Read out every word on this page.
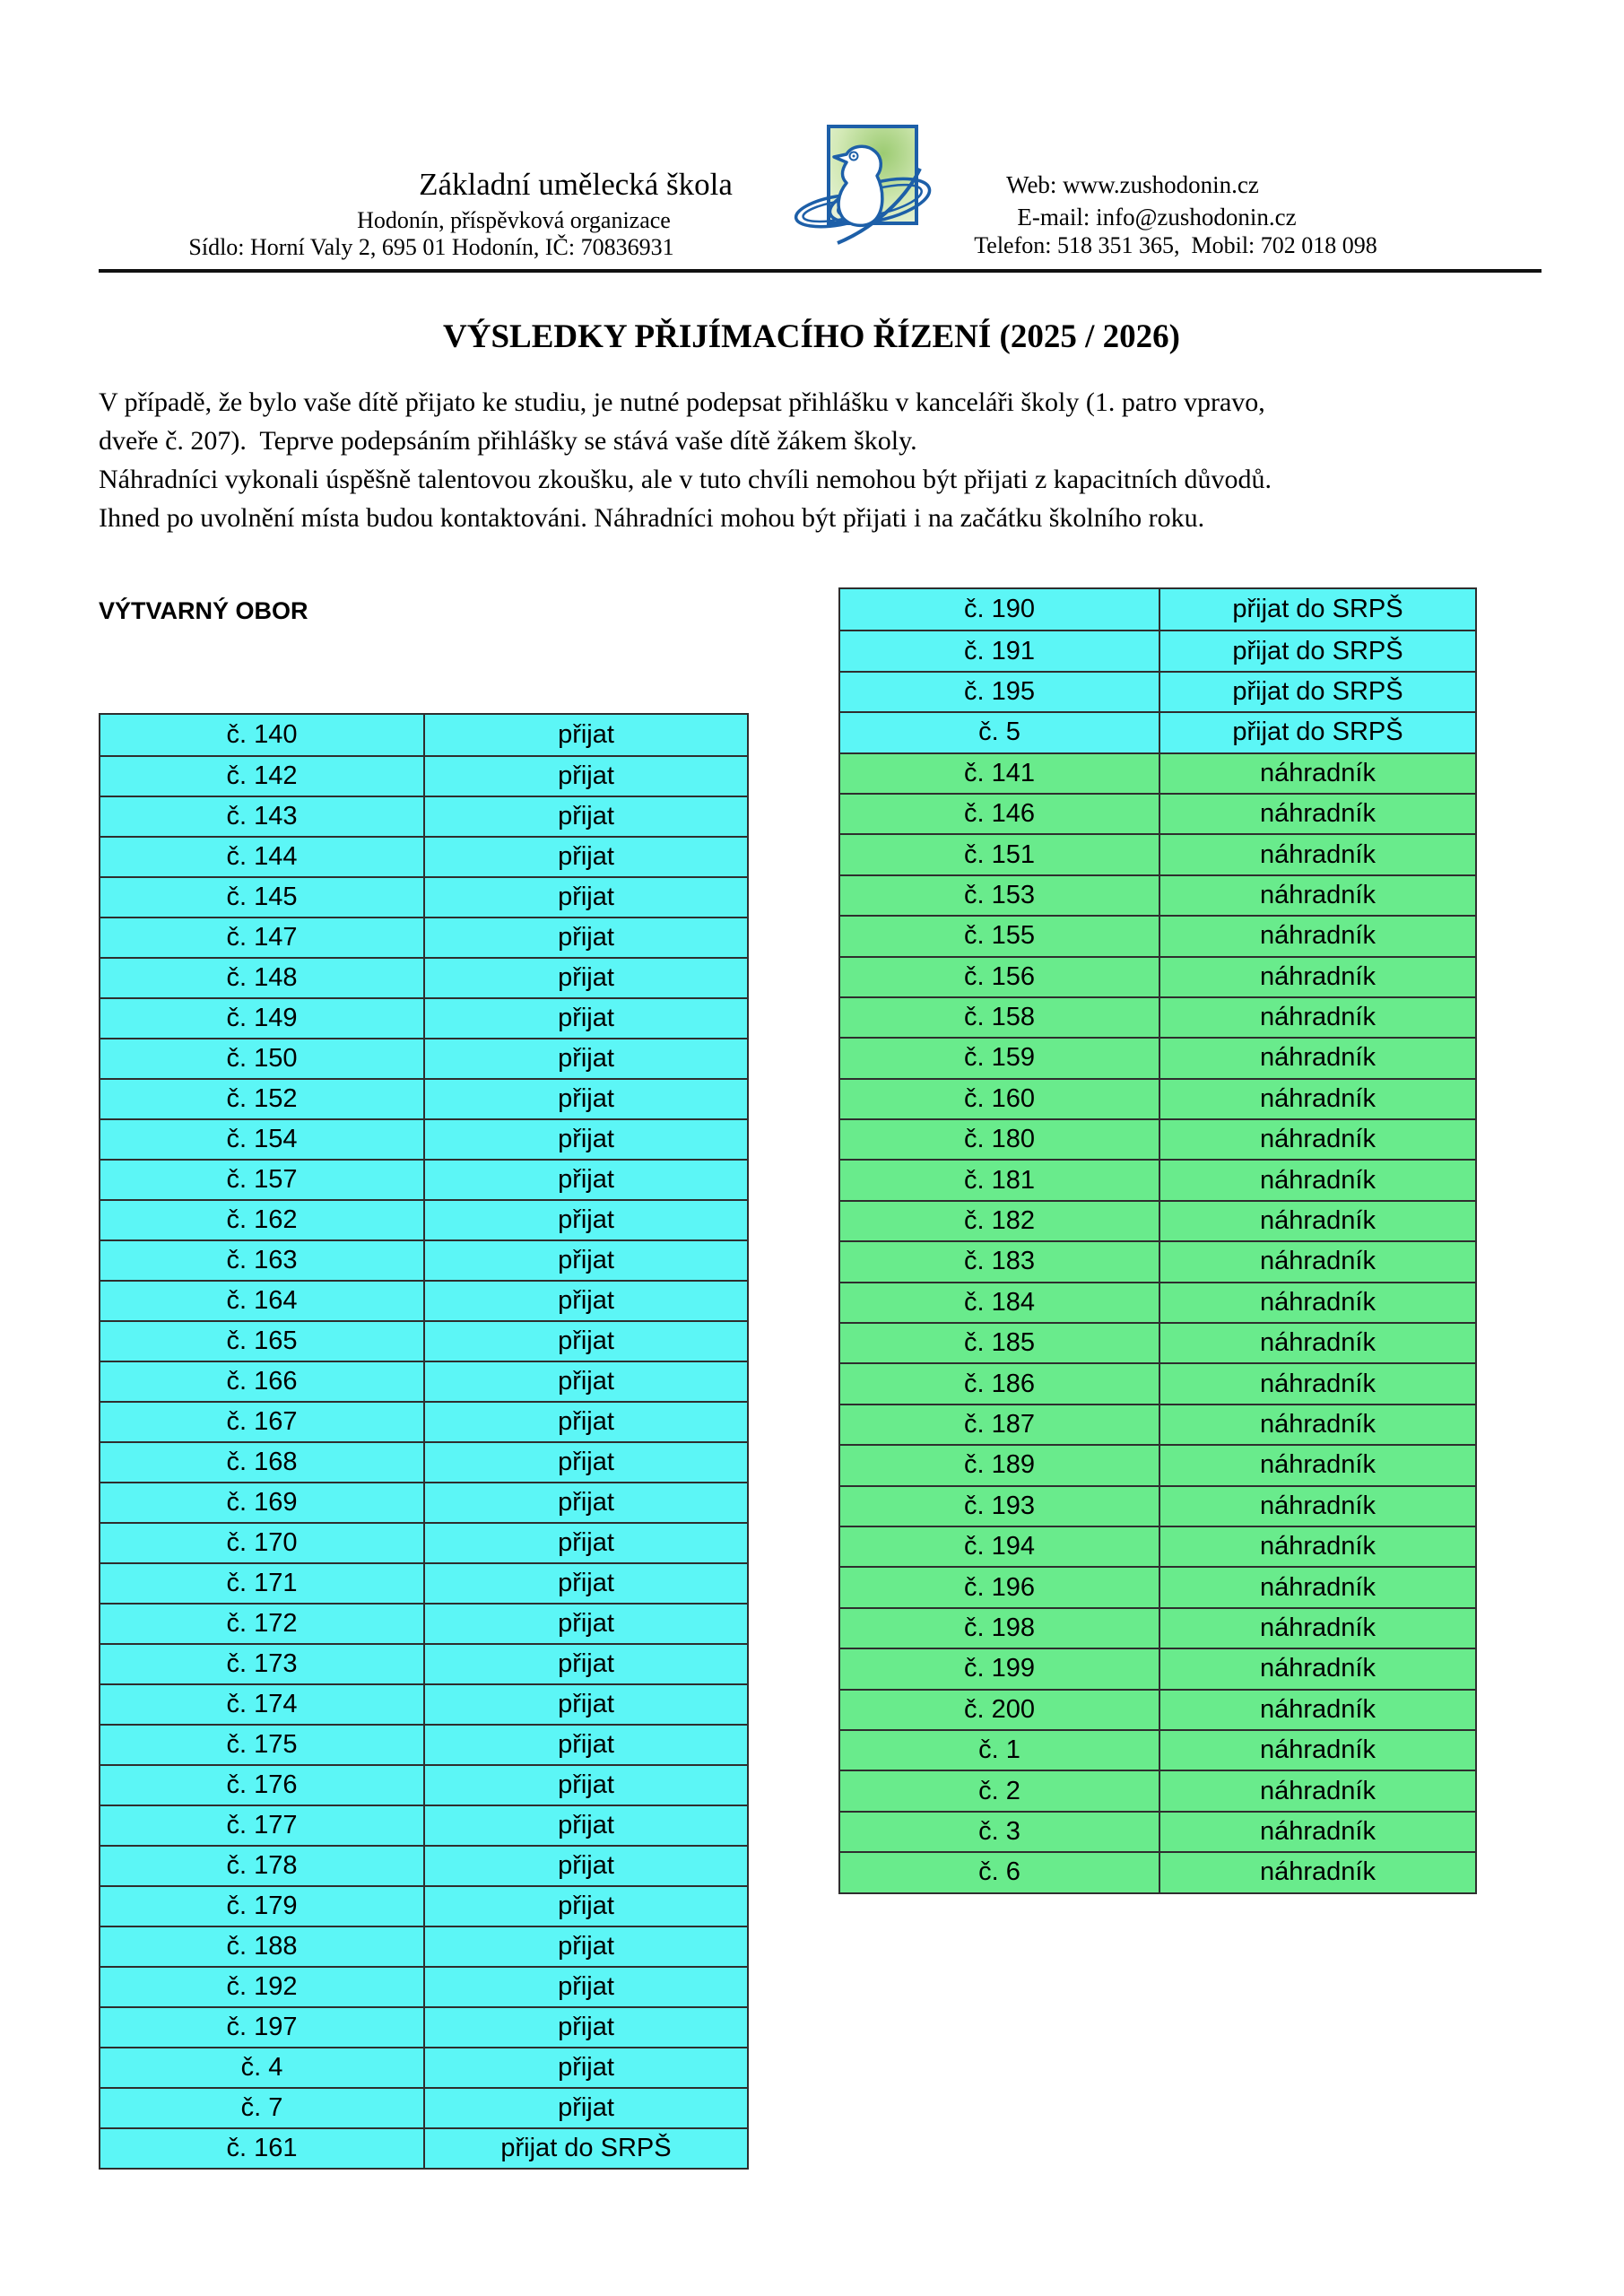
Základní umělecká škola
Hodonín, příspěvková organizace
Sídlo: Horní Valy 2, 695 01 Hodonín, IČ: 70836931
Web: www.zushodonin.cz
E-mail: info@zushodonin.cz
Telefon: 518 351 365,  Mobil: 702 018 098
VÝSLEDKY PŘIJÍMACÍHO ŘÍZENÍ (2025 / 2026)
V případě, že bylo vaše dítě přijato ke studiu, je nutné podepsat přihlášku v kanceláři školy (1. patro vpravo,
dveře č. 207).  Teprve podepsáním přihlášky se stává vaše dítě žákem školy.
Náhradníci vykonali úspěšně talentovou zkoušku, ale v tuto chvíli nemohou být přijati z kapacitních důvodů.
Ihned po uvolnění místa budou kontaktováni. Náhradníci mohou být přijati i na začátku školního roku.
VÝTVARNÝ OBOR
č. 140	přijat
č. 142	přijat
č. 143	přijat
č. 144	přijat
č. 145	přijat
č. 147	přijat
č. 148	přijat
č. 149	přijat
č. 150	přijat
č. 152	přijat
č. 154	přijat
č. 157	přijat
č. 162	přijat
č. 163	přijat
č. 164	přijat
č. 165	přijat
č. 166	přijat
č. 167	přijat
č. 168	přijat
č. 169	přijat
č. 170	přijat
č. 171	přijat
č. 172	přijat
č. 173	přijat
č. 174	přijat
č. 175	přijat
č. 176	přijat
č. 177	přijat
č. 178	přijat
č. 179	přijat
č. 188	přijat
č. 192	přijat
č. 197	přijat
č. 4	přijat
č. 7	přijat
č. 161	přijat do SRPŠ
č. 190	přijat do SRPŠ
č. 191	přijat do SRPŠ
č. 195	přijat do SRPŠ
č. 5	přijat do SRPŠ
č. 141	náhradník
č. 146	náhradník
č. 151	náhradník
č. 153	náhradník
č. 155	náhradník
č. 156	náhradník
č. 158	náhradník
č. 159	náhradník
č. 160	náhradník
č. 180	náhradník
č. 181	náhradník
č. 182	náhradník
č. 183	náhradník
č. 184	náhradník
č. 185	náhradník
č. 186	náhradník
č. 187	náhradník
č. 189	náhradník
č. 193	náhradník
č. 194	náhradník
č. 196	náhradník
č. 198	náhradník
č. 199	náhradník
č. 200	náhradník
č. 1	náhradník
č. 2	náhradník
č. 3	náhradník
č. 6	náhradník
